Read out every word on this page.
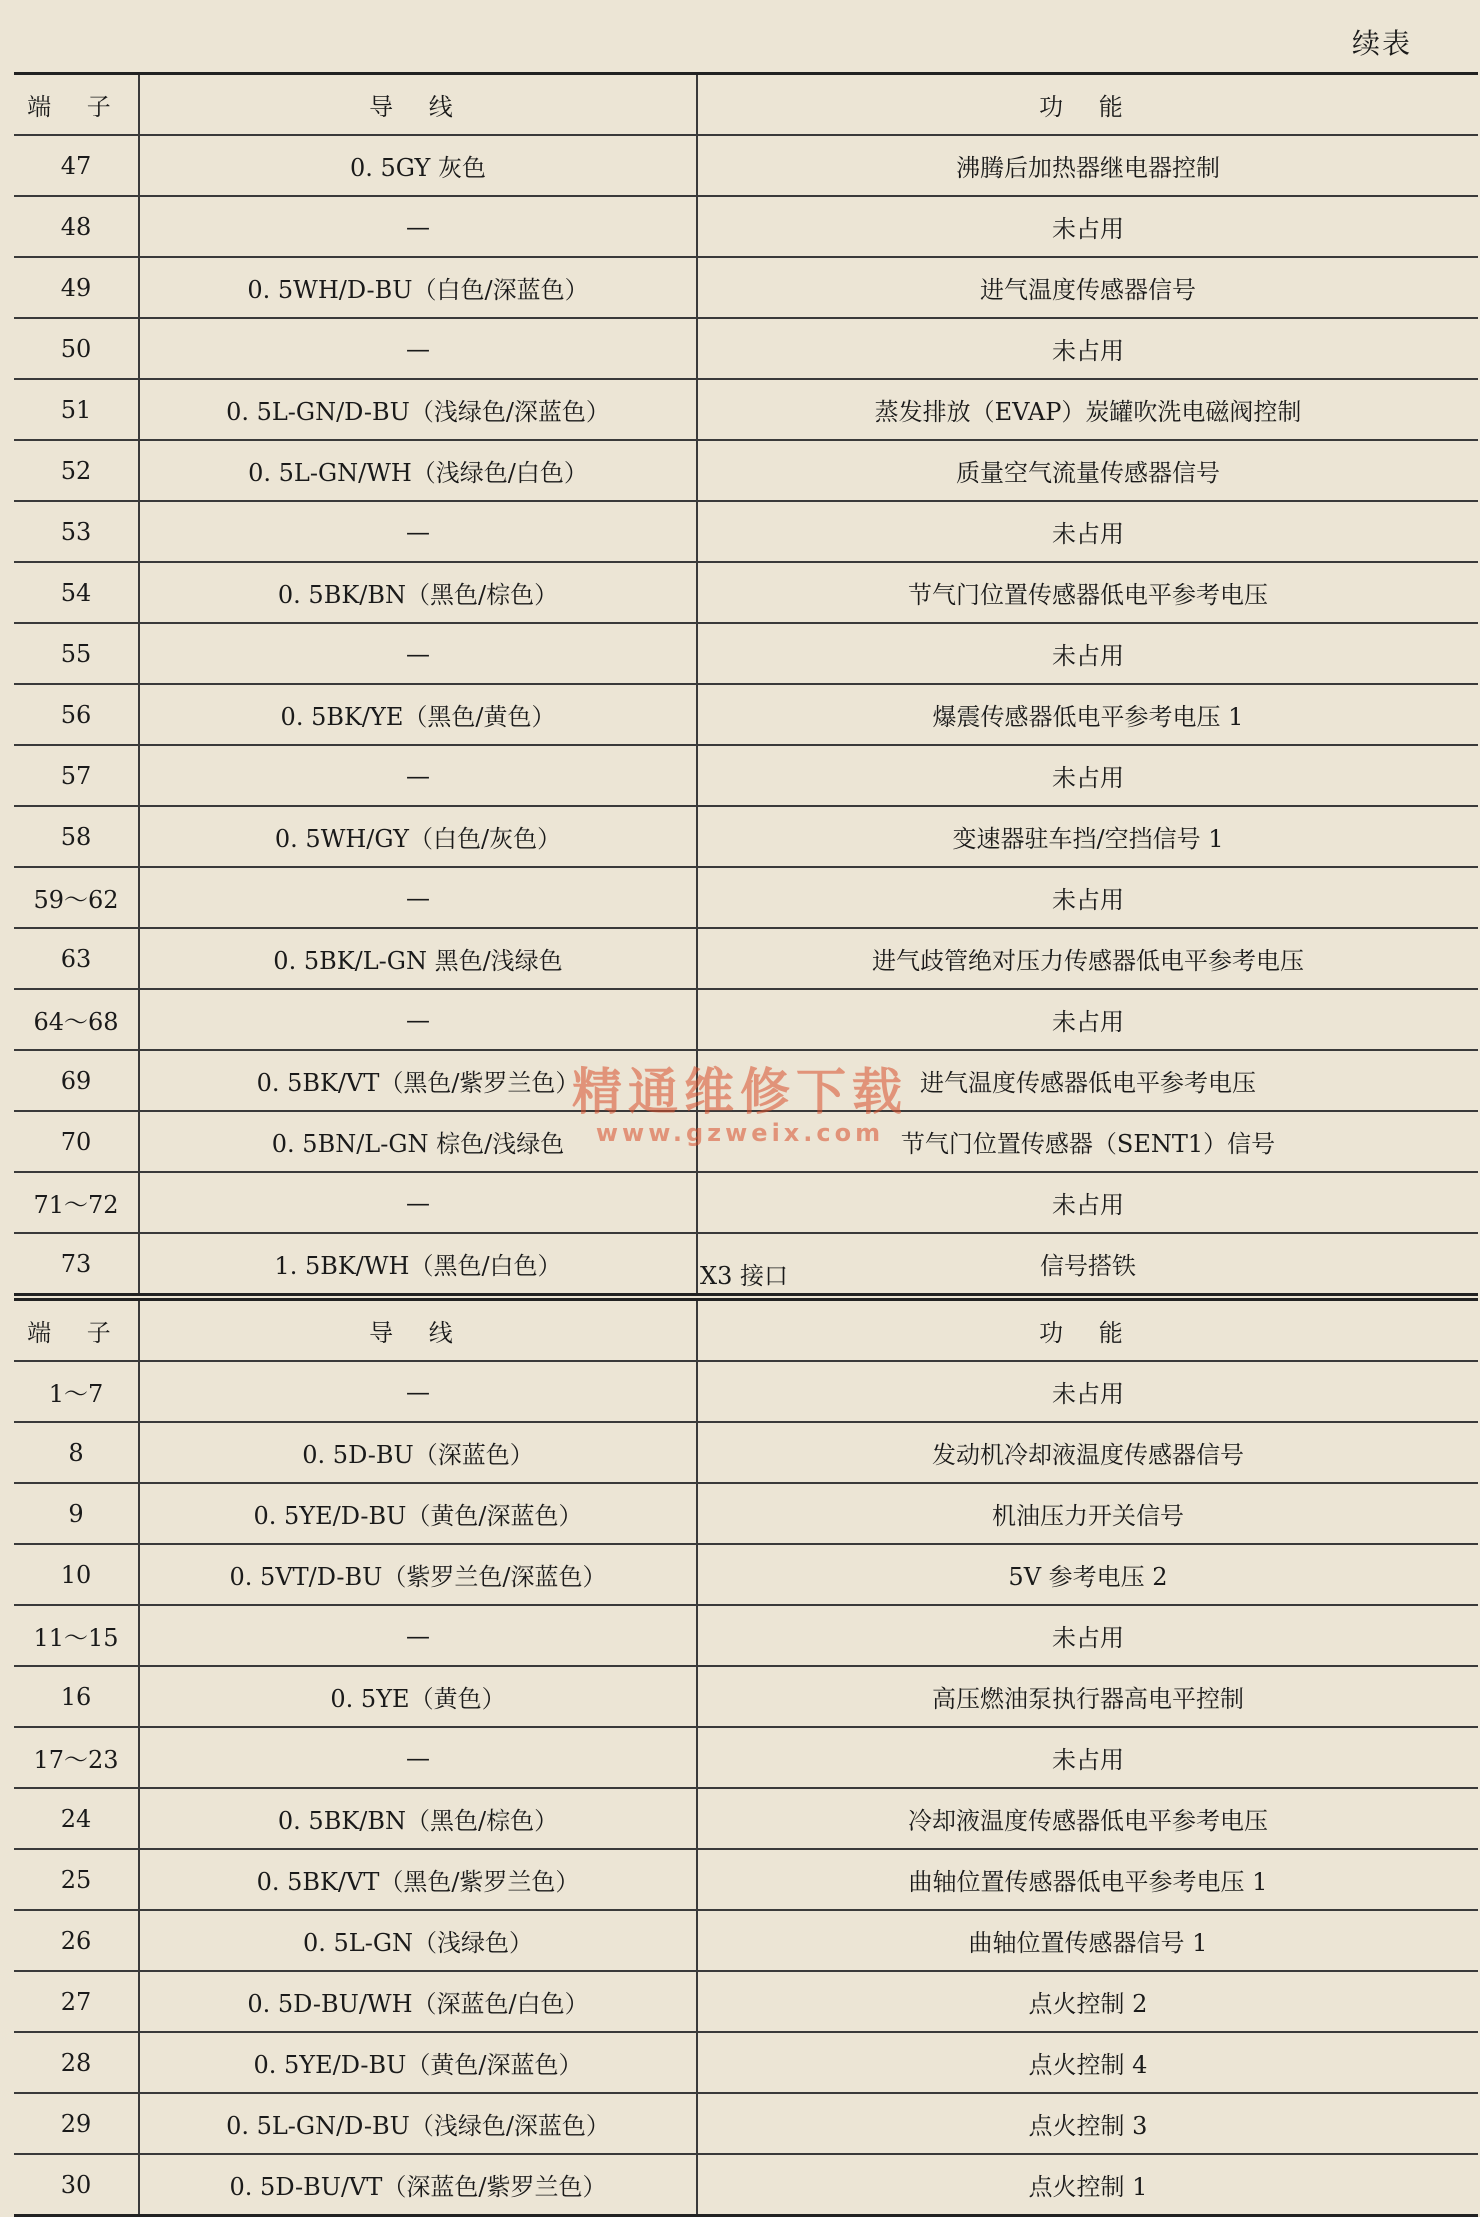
续表
端 子	导 线	功 能
47	0. 5GY 灰色	沸腾后加热器继电器控制
48	—	未占用
49	0. 5WH/D-BU（白色/深蓝色）	进气温度传感器信号
50	—	未占用
51	0. 5L-GN/D-BU（浅绿色/深蓝色）	蒸发排放（EVAP）炭罐吹洗电磁阀控制
52	0. 5L-GN/WH（浅绿色/白色）	质量空气流量传感器信号
53	—	未占用
54	0. 5BK/BN（黑色/棕色）	节气门位置传感器低电平参考电压
55	—	未占用
56	0. 5BK/YE（黑色/黄色）	爆震传感器低电平参考电压 1
57	—	未占用
58	0. 5WH/GY（白色/灰色）	变速器驻车挡/空挡信号 1
59～62	—	未占用
63	0. 5BK/L-GN 黑色/浅绿色	进气歧管绝对压力传感器低电平参考电压
64～68	—	未占用
69	0. 5BK/VT（黑色/紫罗兰色）	进气温度传感器低电平参考电压
70	0. 5BN/L-GN 棕色/浅绿色	节气门位置传感器（SENT1）信号
71～72	—	未占用
73	1. 5BK/WH（黑色/白色）	信号搭铁
X3 接口
端 子	导 线	功 能
1～7	—	未占用
8	0. 5D-BU（深蓝色）	发动机冷却液温度传感器信号
9	0. 5YE/D-BU（黄色/深蓝色）	机油压力开关信号
10	0. 5VT/D-BU（紫罗兰色/深蓝色）	5V 参考电压 2
11～15	—	未占用
16	0. 5YE（黄色）	高压燃油泵执行器高电平控制
17～23	—	未占用
24	0. 5BK/BN（黑色/棕色）	冷却液温度传感器低电平参考电压
25	0. 5BK/VT（黑色/紫罗兰色）	曲轴位置传感器低电平参考电压 1
26	0. 5L-GN（浅绿色）	曲轴位置传感器信号 1
27	0. 5D-BU/WH（深蓝色/白色）	点火控制 2
28	0. 5YE/D-BU（黄色/深蓝色）	点火控制 4
29	0. 5L-GN/D-BU（浅绿色/深蓝色）	点火控制 3
30	0. 5D-BU/VT（深蓝色/紫罗兰色）	点火控制 1
精通维修下载
www.gzweix.com
